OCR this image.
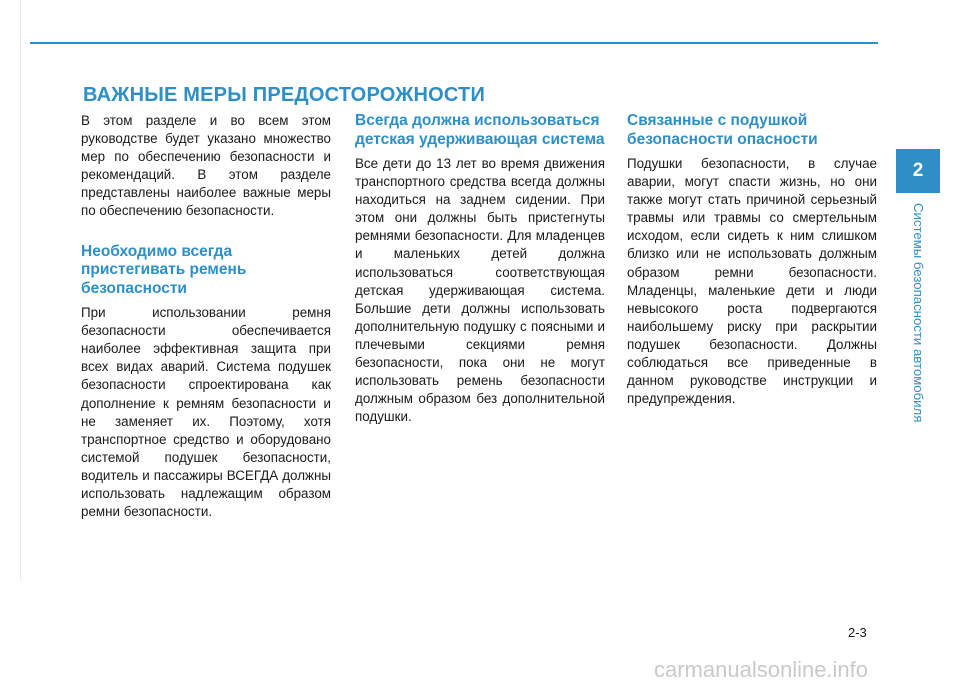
ВАЖНЫЕ МЕРЫ ПРЕДОСТОРОЖНОСТИ

В этом разделе и во всем этом руководстве будет указано множество мер по обеспечению безопасности и рекомендаций. В этом разделе представлены наиболее важные меры по обеспечению безопасности.

Необходимо всегда пристегивать ремень безопасности

При использовании ремня безопасности обеспечивается наиболее эффективная защита при всех видах аварий. Система подушек безопасности спроектирована как дополнение к ремням безопасности и не заменяет их. Поэтому, хотя транспортное средство и оборудовано системой подушек безопасности, водитель и пассажиры ВСЕГДА должны использовать надлежащим образом ремни безопасности.

Всегда должна использоваться детская удерживающая система

Все дети до 13 лет во время движения транспортного средства всегда должны находиться на заднем сидении. При этом они должны быть пристегнуты ремнями безопасности. Для младенцев и маленьких детей должна использоваться соответствующая детская удерживающая система. Большие дети должны использовать дополнительную подушку с поясными и плечевыми секциями ремня безопасности, пока они не могут использовать ремень безопасности должным образом без дополнительной подушки.

Связанные с подушкой безопасности опасности

Подушки безопасности, в случае аварии, могут спасти жизнь, но они также могут стать причиной серьезный травмы или травмы со смертельным исходом, если сидеть к ним слишком близко или не использовать должным образом ремни безопасности. Младенцы, маленькие дети и люди невысокого роста подвергаются наибольшему риску при раскрытии подушек безопасности. Должны соблюдаться все приведенные в данном руководстве инструкции и предупреждения.

2
Системы безопасности автомобиля
2-3
carmanualsonline.info
